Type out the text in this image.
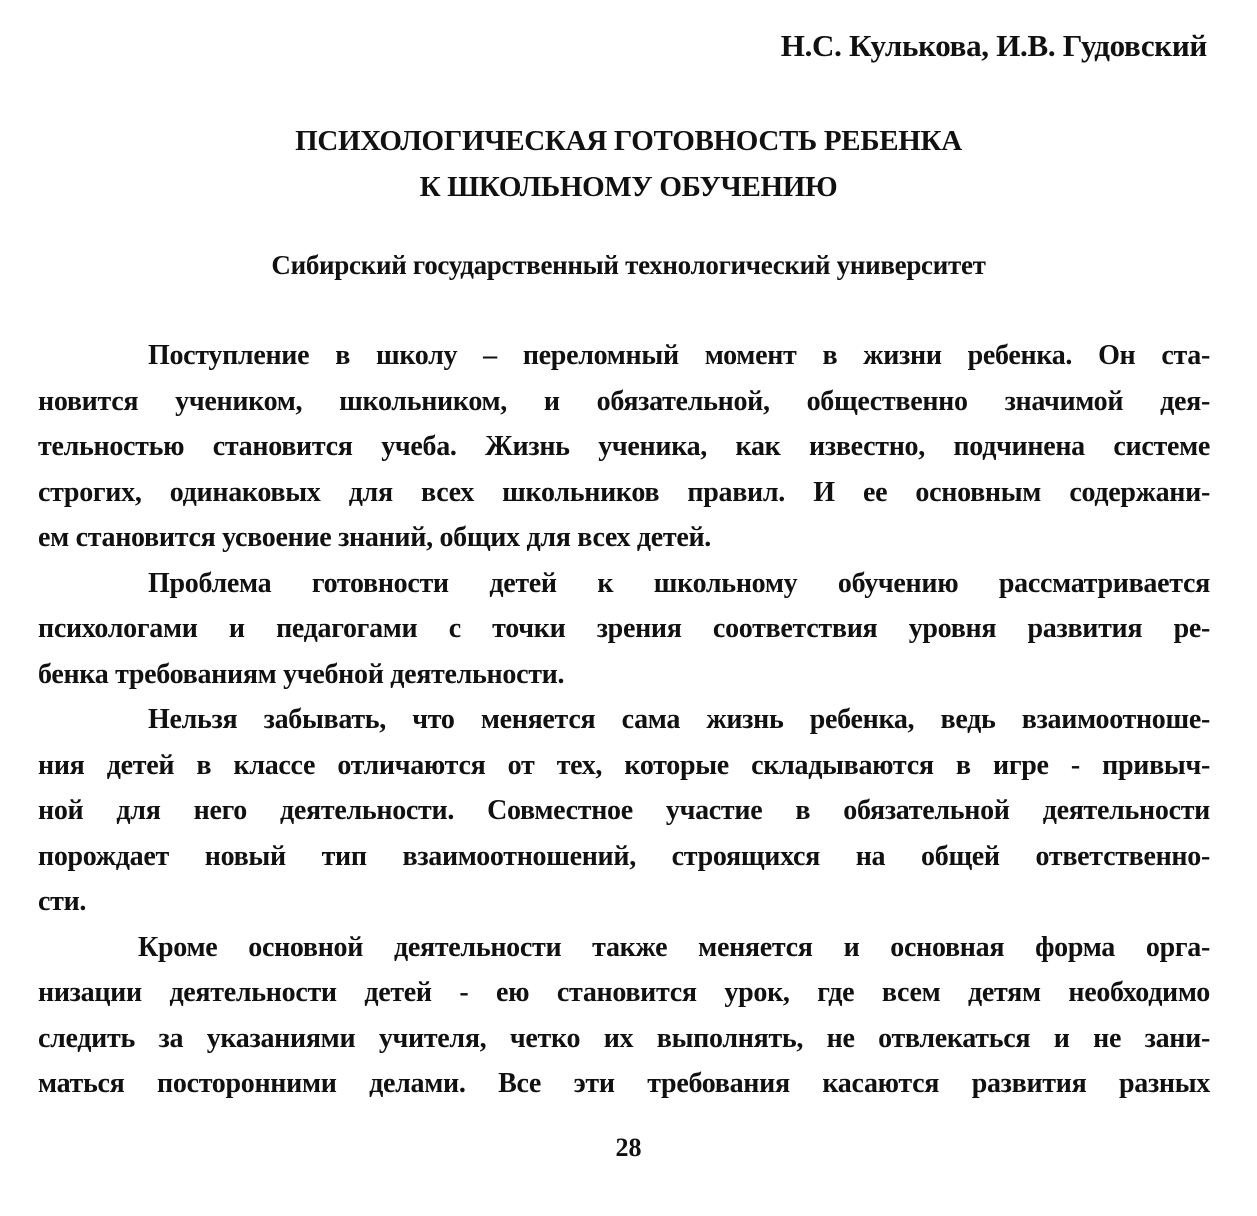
Н.С. Кулькова, И.В. Гудовский
ПСИХОЛОГИЧЕСКАЯ ГОТОВНОСТЬ РЕБЕНКА
К ШКОЛЬНОМУ ОБУЧЕНИЮ
Сибирский государственный технологический университет
Поступление в школу – переломный момент в жизни ребенка. Он ста-
новится учеником, школьником, и обязательной, общественно значимой дея-
тельностью становится учеба. Жизнь ученика, как известно, подчинена системе
строгих, одинаковых для всех школьников правил. И ее основным содержани-
ем становится усвоение знаний, общих для всех детей.
Проблема готовности детей к школьному обучению рассматривается
психологами и педагогами с точки зрения соответствия уровня развития ре-
бенка требованиям учебной деятельности.
Нельзя забывать, что меняется сама жизнь ребенка, ведь взаимоотноше-
ния детей в классе отличаются от тех, которые складываются в игре - привыч-
ной для него деятельности. Совместное участие в обязательной деятельности
порождает новый тип взаимоотношений, строящихся на общей ответственно-
сти.
Кроме основной деятельности также меняется и основная форма орга-
низации деятельности детей - ею становится урок, где всем детям необходимо
следить за указаниями учителя, четко их выполнять, не отвлекаться и не зани-
маться посторонними делами. Все эти требования касаются развития разных
28
